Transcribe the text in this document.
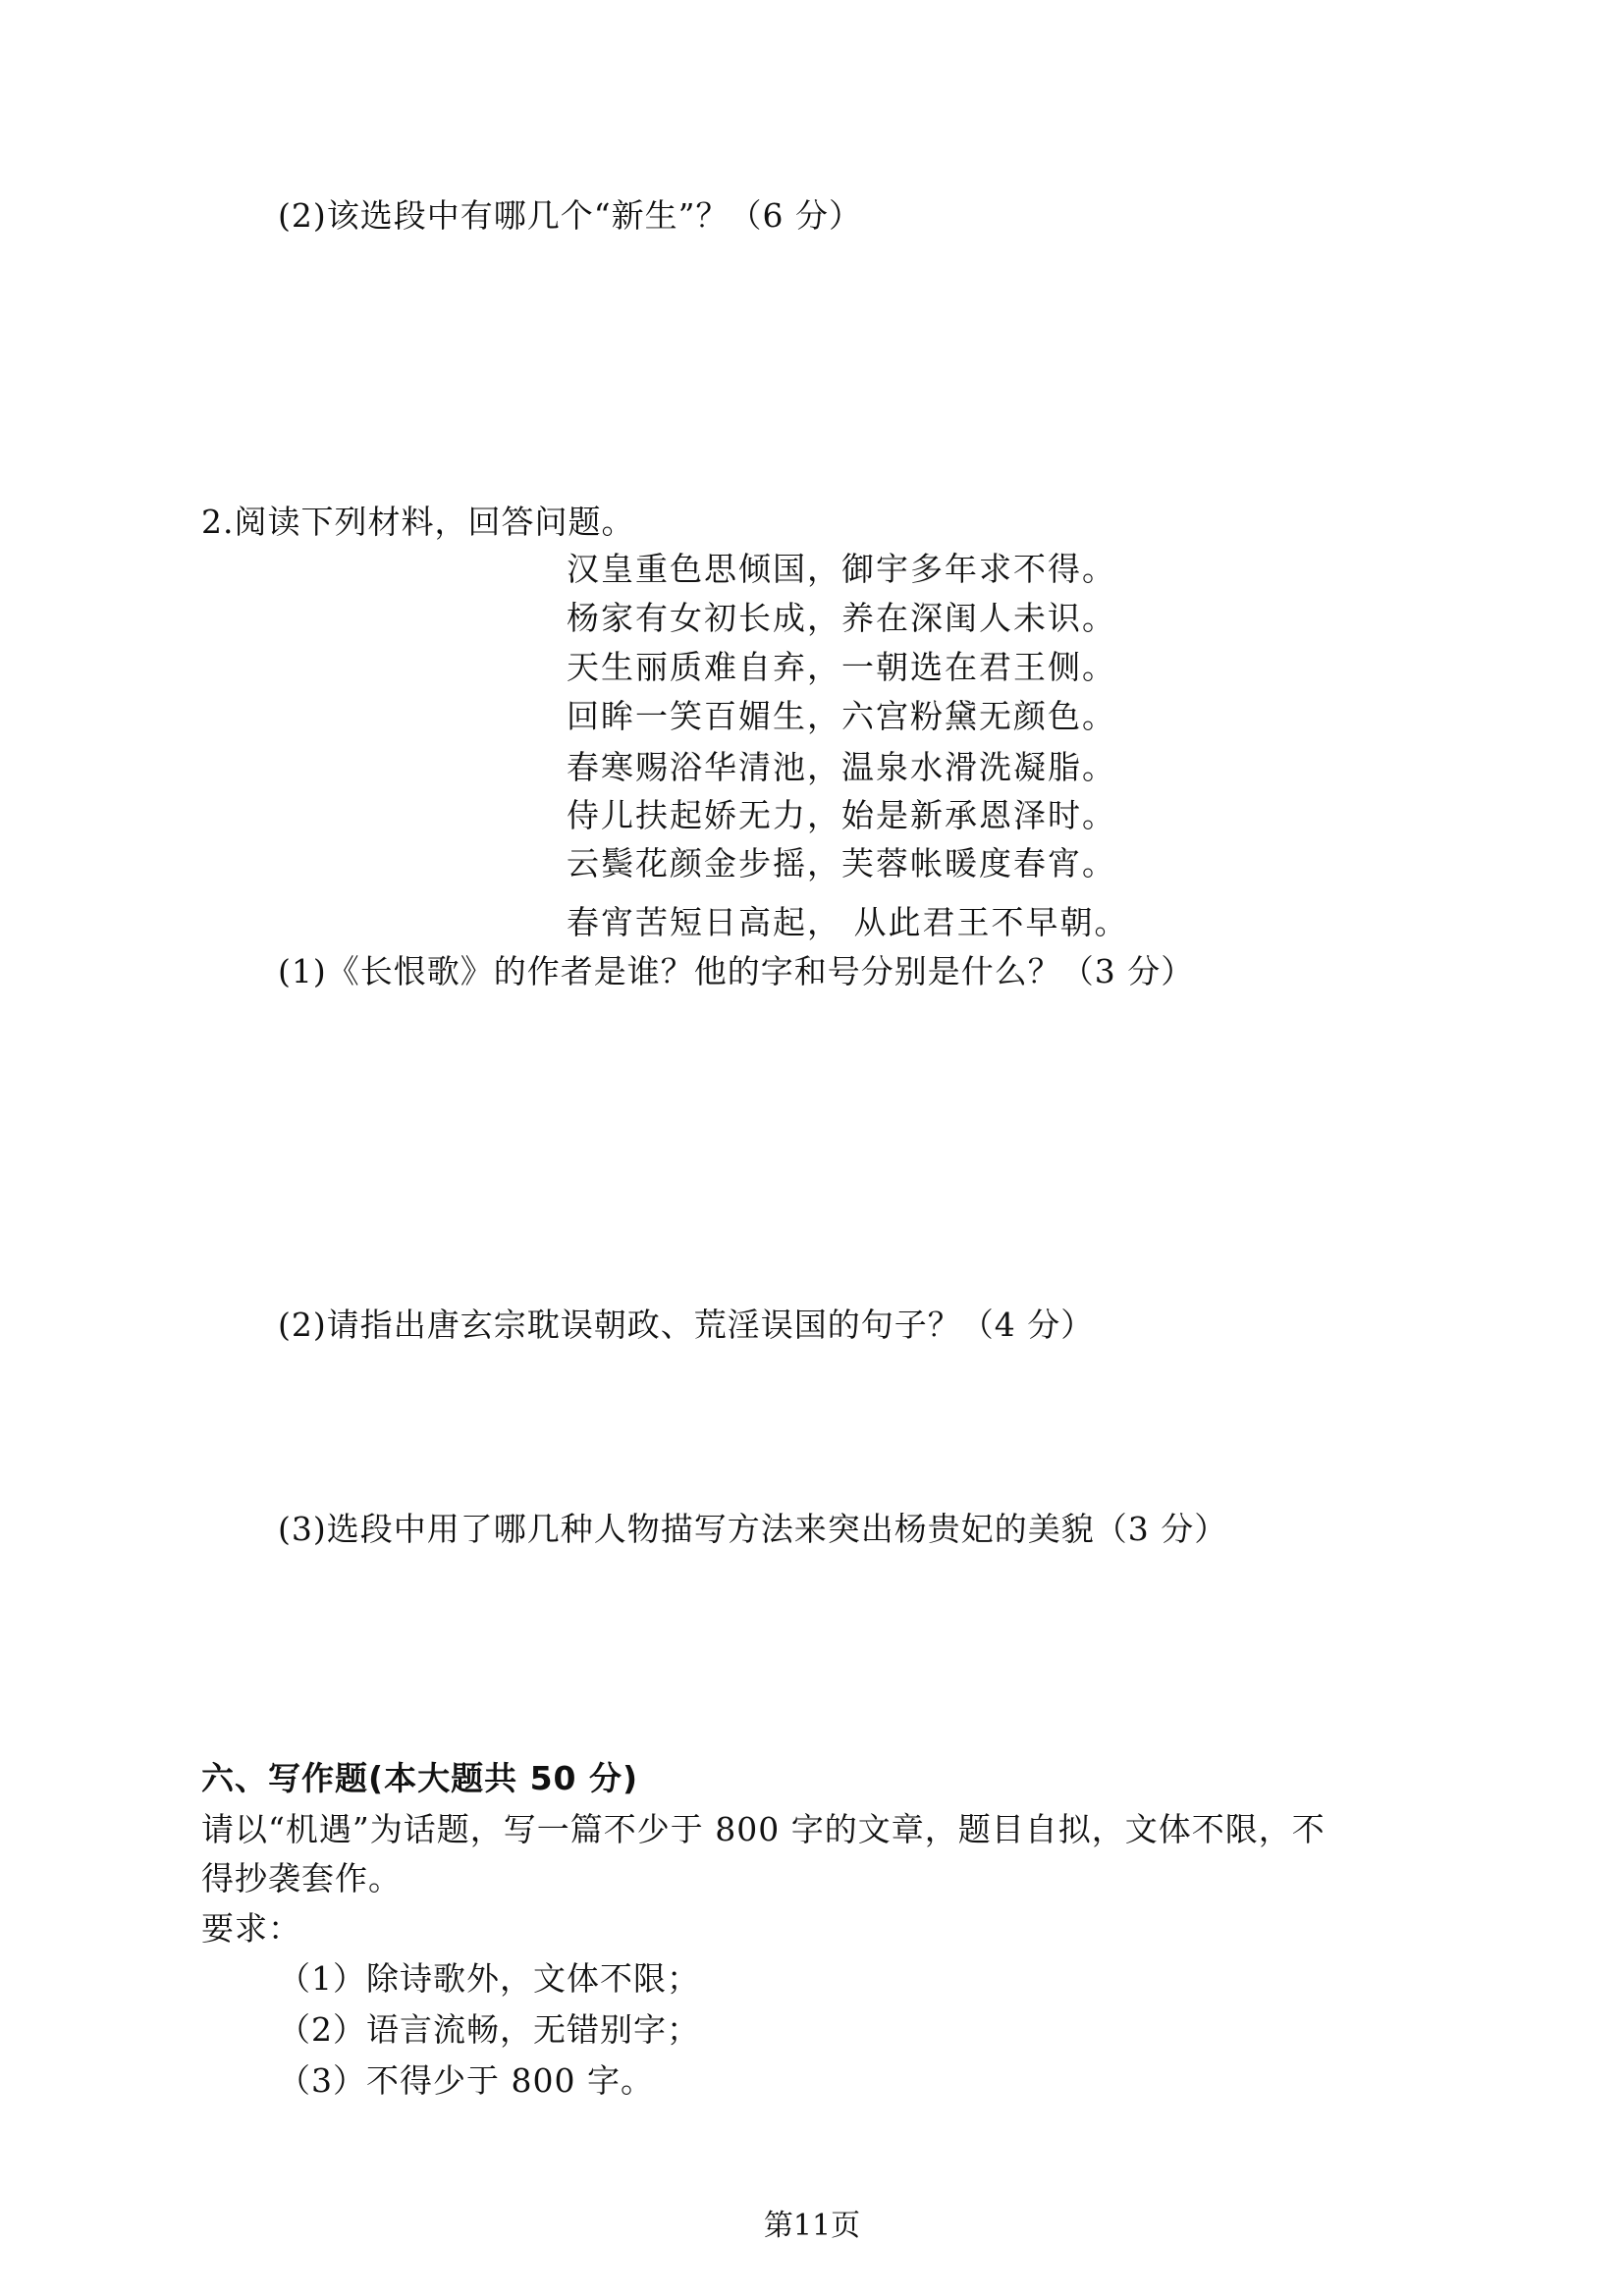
(2)该选段中有哪几个“新生”？（6 分）
2.阅读下列材料，回答问题。
汉皇重色思倾国，御宇多年求不得。
杨家有女初长成，养在深闺人未识。
天生丽质难自弃，一朝选在君王侧。
回眸一笑百媚生，六宫粉黛无颜色。
春寒赐浴华清池，温泉水滑洗凝脂。
侍儿扶起娇无力，始是新承恩泽时。
云鬓花颜金步摇，芙蓉帐暖度春宵。
春宵苦短日高起， 从此君王不早朝。
(1)《长恨歌》的作者是谁？他的字和号分别是什么？（3 分）
(2)请指出唐玄宗耽误朝政、荒淫误国的句子？（4 分）
(3)选段中用了哪几种人物描写方法来突出杨贵妃的美貌（3 分）
六、写作题(本大题共 50 分)
请以“机遇”为话题，写一篇不少于 800 字的文章，题目自拟，文体不限，不
得抄袭套作。
要求：
（1）除诗歌外，文体不限；
（2）语言流畅，无错别字；
（3）不得少于 800 字。
第11页
